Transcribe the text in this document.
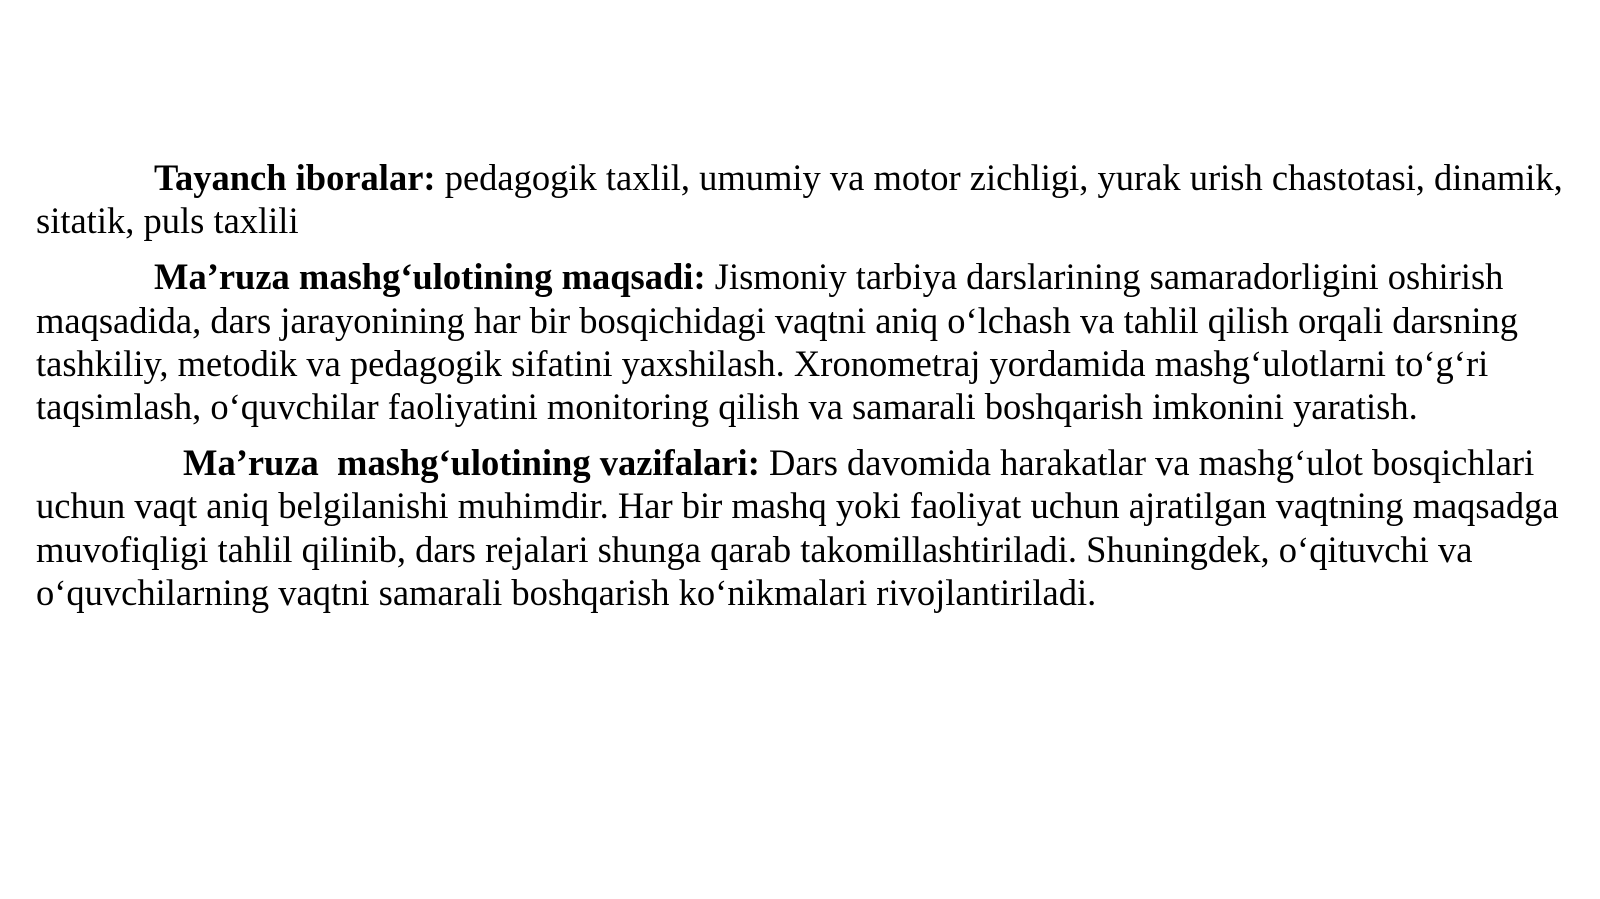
Tayanch iboralar: pedagogik taxlil, umumiy va motor zichligi, yurak urish chastotasi, dinamik, sitatik, puls taxlili

Ma’ruza mashg‘ulotining maqsadi: Jismoniy tarbiya darslarining samaradorligini oshirish maqsadida, dars jarayonining har bir bosqichidagi vaqtni aniq o‘lchash va tahlil qilish orqali darsning tashkiliy, metodik va pedagogik sifatini yaxshilash. Xronometraj yordamida mashg‘ulotlarni to‘g‘ri taqsimlash, o‘quvchilar faoliyatini monitoring qilish va samarali boshqarish imkonini yaratish.

Ma’ruza  mashg‘ulotining vazifalari: Dars davomida harakatlar va mashg‘ulot bosqichlari uchun vaqt aniq belgilanishi muhimdir. Har bir mashq yoki faoliyat uchun ajratilgan vaqtning maqsadga muvofiqligi tahlil qilinib, dars rejalari shunga qarab takomillashtiriladi. Shuningdek, o‘qituvchi va o‘quvchilarning vaqtni samarali boshqarish ko‘nikmalari rivojlantiriladi.
